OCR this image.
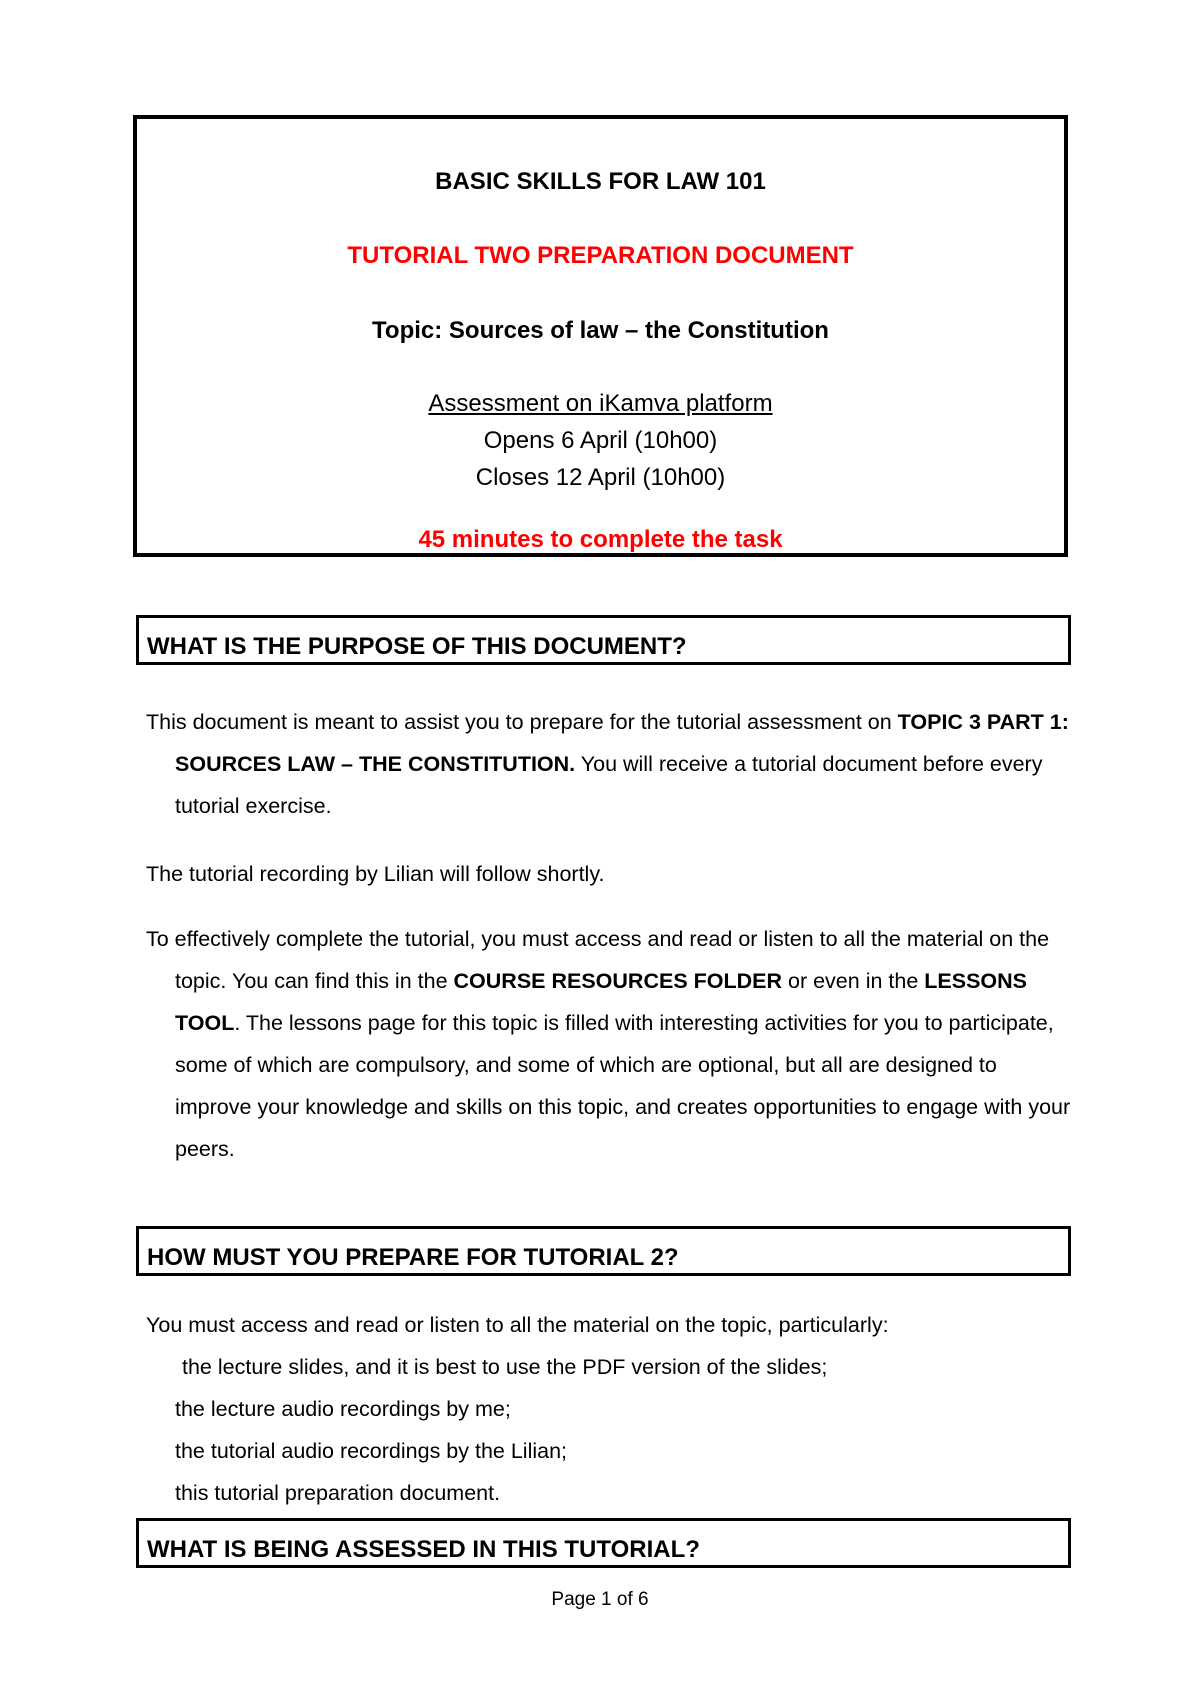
BASIC SKILLS FOR LAW 101

TUTORIAL TWO PREPARATION DOCUMENT

Topic: Sources of law – the Constitution

Assessment on iKamva platform

Opens 6 April (10h00)

Closes 12 April (10h00)

45 minutes to complete the task

WHAT IS THE PURPOSE OF THIS DOCUMENT?

This document is meant to assist you to prepare for the tutorial assessment on TOPIC 3 PART 1: SOURCES LAW – THE CONSTITUTION. You will receive a tutorial document before every tutorial exercise.

The tutorial recording by Lilian will follow shortly.

To effectively complete the tutorial, you must access and read or listen to all the material on the topic. You can find this in the COURSE RESOURCES FOLDER or even in the LESSONS TOOL. The lessons page for this topic is filled with interesting activities for you to participate, some of which are compulsory, and some of which are optional, but all are designed to improve your knowledge and skills on this topic, and creates opportunities to engage with your peers.

HOW MUST YOU PREPARE FOR TUTORIAL 2?

You must access and read or listen to all the material on the topic, particularly:

the lecture slides, and it is best to use the PDF version of the slides;

the lecture audio recordings by me;

the tutorial audio recordings by the Lilian;

this tutorial preparation document.

WHAT IS BEING ASSESSED IN THIS TUTORIAL?
Page 1 of 6
